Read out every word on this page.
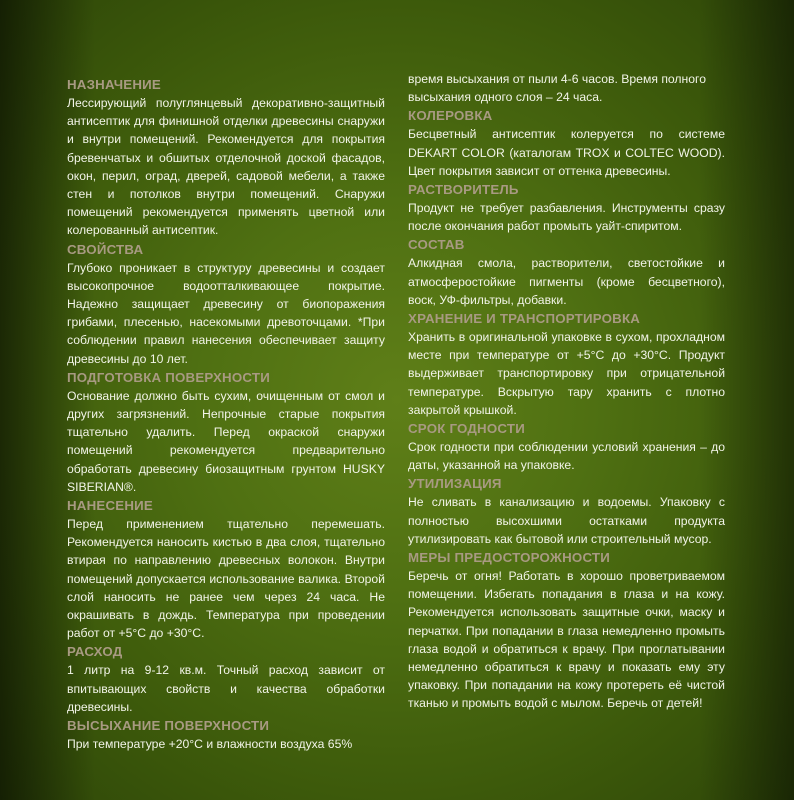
НАЗНАЧЕНИЕ

Лессирующий полуглянцевый декоративно-защитный антисептик для финишной отделки древесины снаружи и внутри помещений. Рекомендуется для покрытия бревенчатых и обшитых отделочной доской фасадов, окон, перил, оград, дверей, садовой мебели, а также стен и потолков внутри помещений. Снаружи помещений рекомендуется применять цветной или колерованный антисептик.

СВОЙСТВА

Глубоко проникает в структуру древесины и создает высокопрочное водоотталкивающее покрытие. Надежно защищает древесину от биопоражения грибами, плесенью, насекомыми древоточцами. *При соблюдении правил нанесения обеспечивает защиту древесины до 10 лет.

ПОДГОТОВКА ПОВЕРХНОСТИ

Основание должно быть сухим, очищенным от смол и других загрязнений. Непрочные старые покрытия тщательно удалить. Перед окраской снаружи помещений рекомендуется предварительно обработать древесину биозащитным грунтом HUSKY SIBERIAN®.

НАНЕСЕНИЕ

Перед применением тщательно перемешать. Рекомендуется наносить кистью в два слоя, тщательно втирая по направлению древесных волокон. Внутри помещений допускается использование валика. Второй слой наносить не ранее чем через 24 часа. Не окрашивать в дождь. Температура при проведении работ от +5°С до +30°С.

РАСХОД

1 литр на 9-12 кв.м. Точный расход зависит от впитывающих свойств и качества обработки древесины.

ВЫСЫХАНИЕ ПОВЕРХНОСТИ

При температуре +20°С и влажности воздуха 65%

время высыхания от пыли 4-6 часов. Время полного высыхания одного слоя – 24 часа.

КОЛЕРОВКА

Бесцветный антисептик колеруется по системе DEKART COLOR (каталогам TROX и COLTEC WOOD). Цвет покрытия зависит от оттенка древесины.

РАСТВОРИТЕЛЬ

Продукт не требует разбавления. Инструменты сразу после окончания работ промыть уайт-спиритом.

СОСТАВ

Алкидная смола, растворители, светостойкие и атмосферостойкие пигменты (кроме бесцветного), воск, УФ-фильтры, добавки.

ХРАНЕНИЕ И ТРАНСПОРТИРОВКА

Хранить в оригинальной упаковке в сухом, прохладном месте при температуре от +5°С до +30°С. Продукт выдерживает транспортировку при отрицательной температуре. Вскрытую тару хранить с плотно закрытой крышкой.

СРОК ГОДНОСТИ

Срок годности при соблюдении условий хранения – до даты, указанной на упаковке.

УТИЛИЗАЦИЯ

Не сливать в канализацию и водоемы. Упаковку с полностью высохшими остатками продукта утилизировать как бытовой или строительный мусор.

МЕРЫ ПРЕДОСТОРОЖНОСТИ

Беречь от огня! Работать в хорошо проветриваемом помещении. Избегать попадания в глаза и на кожу. Рекомендуется использовать защитные очки, маску и перчатки. При попадании в глаза немедленно промыть глаза водой и обратиться к врачу. При проглатывании немедленно обратиться к врачу и показать ему эту упаковку. При попадании на кожу протереть её чистой тканью и промыть водой с мылом. Беречь от детей!
